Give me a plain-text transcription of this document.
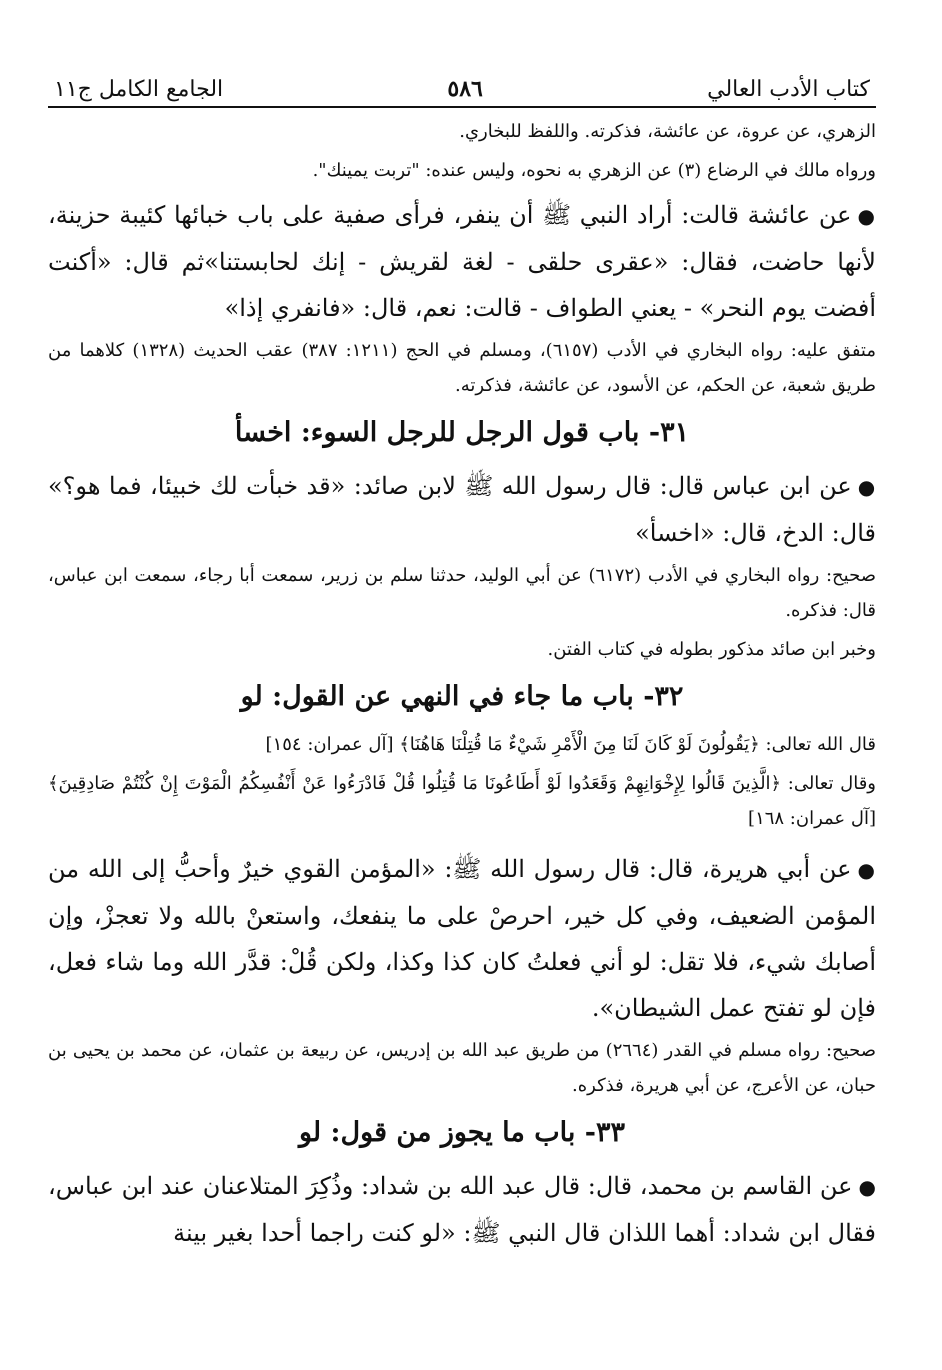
كتاب الأدب العالي
٥٨٦
الجامع الكامل ج١١

الزهري، عن عروة، عن عائشة، فذكرته. واللفظ للبخاري.

ورواه مالك في الرضاع (٣) عن الزهري به نحوه، وليس عنده: "تربت يمينك".

●عن عائشة قالت: أراد النبي ﷺ أن ينفر، فرأى صفية على باب خبائها كئيبة حزينة، لأنها حاضت، فقال: «عقرى حلقى - لغة لقريش - إنك لحابستنا»ثم قال: «أكنت أفضت يوم النحر» - يعني الطواف - قالت: نعم، قال: «فانفري إذا»

متفق عليه: رواه البخاري في الأدب (٦١٥٧)، ومسلم في الحج (١٢١١: ٣٨٧) عقب الحديث (١٣٢٨) كلاهما من طريق شعبة، عن الحكم، عن الأسود، عن عائشة، فذكرته.

٣١- باب قول الرجل للرجل السوء: اخسأ

●عن ابن عباس قال: قال رسول الله ﷺ لابن صائد: «قد خبأت لك خبيئا، فما هو؟» قال: الدخ، قال: «اخسأ»

صحيح: رواه البخاري في الأدب (٦١٧٢) عن أبي الوليد، حدثنا سلم بن زرير، سمعت أبا رجاء، سمعت ابن عباس، قال: فذكره.

وخبر ابن صائد مذكور بطوله في كتاب الفتن.

٣٢- باب ما جاء في النهي عن القول: لو

قال الله تعالى: ﴿يَقُولُونَ لَوْ كَانَ لَنَا مِنَ الْأَمْرِ شَيْءٌ مَا قُتِلْنَا هَاهُنَا﴾ [آل عمران: ١٥٤]

وقال تعالى: ﴿الَّذِينَ قَالُوا لِإِخْوَانِهِمْ وَقَعَدُوا لَوْ أَطَاعُونَا مَا قُتِلُوا قُلْ فَادْرَءُوا عَنْ أَنْفُسِكُمُ الْمَوْتَ إِنْ كُنْتُمْ صَادِقِينَ﴾ [آل عمران: ١٦٨]

●عن أبي هريرة، قال: قال رسول الله ﷺ: «المؤمن القوي خيرٌ وأحبُّ إلى الله من المؤمن الضعيف، وفي كل خير، احرصْ على ما ينفعك، واستعنْ بالله ولا تعجزْ، وإن أصابك شيء، فلا تقل: لو أني فعلتُ كان كذا وكذا، ولكن قُلْ: قدَّر الله وما شاء فعل، فإن لو تفتح عمل الشيطان».

صحيح: رواه مسلم في القدر (٢٦٦٤) من طريق عبد الله بن إدريس، عن ربيعة بن عثمان، عن محمد بن يحيى بن حبان، عن الأعرج، عن أبي هريرة، فذكره.

٣٣- باب ما يجوز من قول: لو

●عن القاسم بن محمد، قال: قال عبد الله بن شداد: وذُكِرَ المتلاعنان عند ابن عباس، فقال ابن شداد: أهما اللذان قال النبي ﷺ: «لو كنت راجما أحدا بغير بينة
